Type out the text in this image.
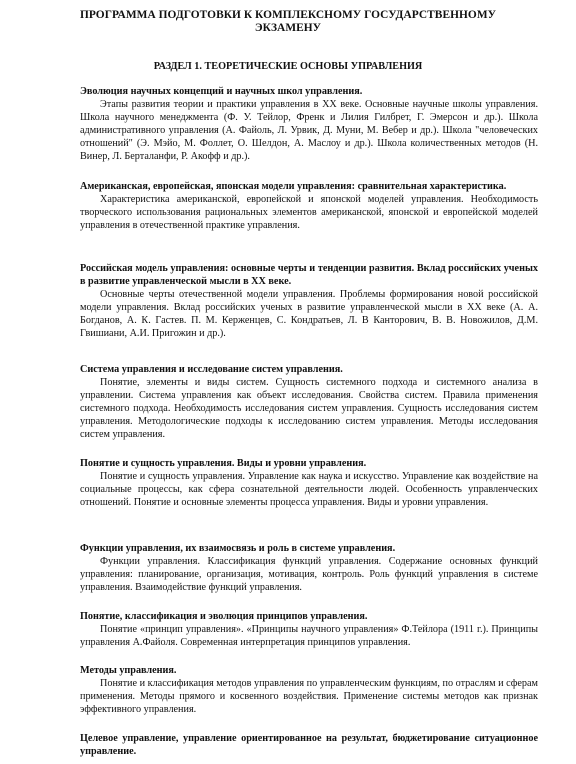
ПРОГРАММА ПОДГОТОВКИ К КОМПЛЕКСНОМУ ГОСУДАРСТВЕННОМУ ЭКЗАМЕНУ
РАЗДЕЛ 1. ТЕОРЕТИЧЕСКИЕ ОСНОВЫ УПРАВЛЕНИЯ
Эволюция научных концепций и научных школ управления.
Этапы развития теории и практики управления в XX веке. Основные научные школы управления. Школа научного менеджмента (Ф. У. Тейлор, Френк и Лилия Гилбрет, Г. Эмерсон и др.). Школа административного управления (А. Файоль, Л. Урвик, Д. Муни, М. Вебер и др.). Школа "человеческих отношений" (Э. Мэйо, М. Фоллет, О. Шелдон, А. Маслоу и др.). Школа количественных методов (Н. Винер, Л. Берталанфи, Р. Акофф и др.).
Американская, европейская, японская модели управления: сравнительная характеристика.
Характеристика американской, европейской и японской моделей управления. Необходимость творческого использования рациональных элементов американской, японской и европейской моделей управления в отечественной практике управления.
Российская модель управления: основные черты и тенденции развития. Вклад российских ученых в развитие управленческой мысли в XX веке.
Основные черты отечественной модели управления. Проблемы формирования новой российской модели управления. Вклад российских ученых в развитие управленческой мысли в XX веке (А. А. Богданов, А. К. Гастев. П. М. Керженцев, С. Кондратьев, Л. В Канторович, В. В. Новожилов, Д.М. Гвишиани, А.И. Пригожин и др.).
Система управления и исследование систем управления.
Понятие, элементы и виды систем. Сущность системного подхода и системного анализа в управлении. Система управления как объект исследования. Свойства систем. Правила применения системного подхода. Необходимость исследования систем управления. Сущность исследования систем управления. Методологические подходы к исследованию систем управления. Методы исследования систем управления.
Понятие и сущность управления. Виды и уровни управления.
Понятие и сущность управления. Управление как наука и искусство. Управление как воздействие на социальные процессы, как сфера сознательной деятельности людей. Особенность управленческих отношений. Понятие и основные элементы процесса управления. Виды и уровни управления.
Функции управления, их взаимосвязь и роль в системе управления.
Функции управления. Классификация функций управления. Содержание основных функций управления: планирование, организация, мотивация, контроль. Роль функций управления в системе управления. Взаимодействие функций управления.
Понятие, классификация и эволюция принципов управления.
Понятие «принцип управления». «Принципы научного управления» Ф.Тейлора (1911 г.). Принципы управления А.Файоля. Современная интерпретация принципов управления.
Методы управления.
Понятие и классификация методов управления по управленческим функциям, по отраслям и сферам применения. Методы прямого и косвенного воздействия. Применение системы методов как признак эффективного управления.
Целевое управление, управление ориентированное на результат, бюджетирование ситуационное управление.
